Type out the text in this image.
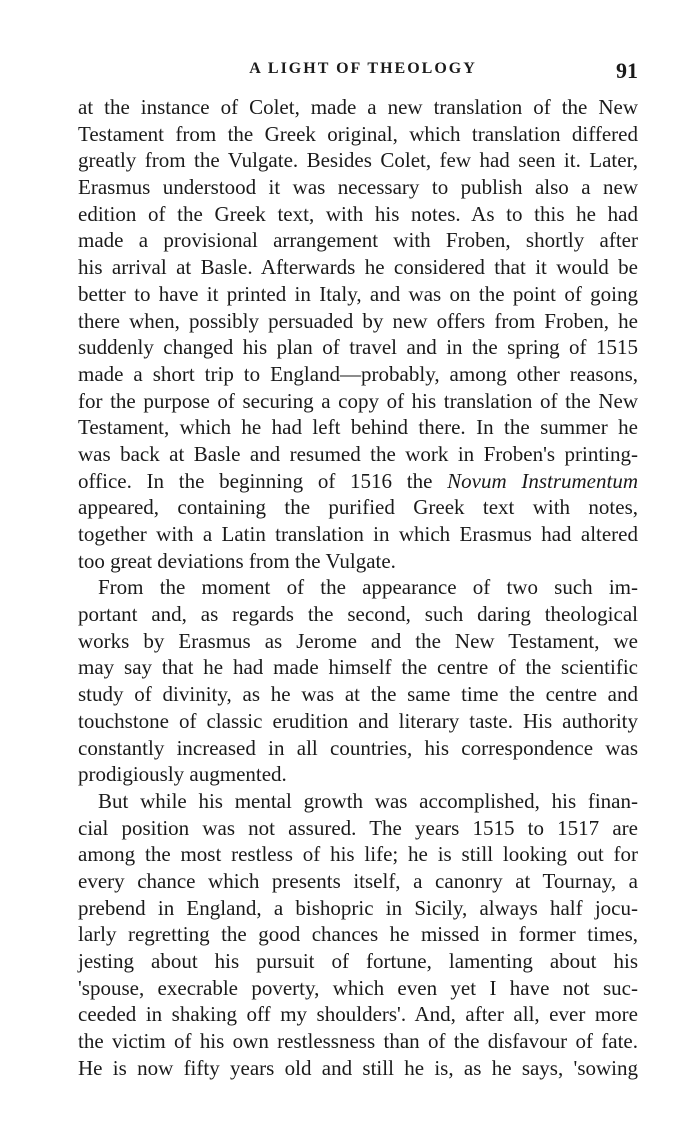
A LIGHT OF THEOLOGY	91
at the instance of Colet, made a new translation of the New
Testament from the Greek original, which translation differed
greatly from the Vulgate. Besides Colet, few had seen it. Later,
Erasmus understood it was necessary to publish also a new
edition of the Greek text, with his notes. As to this he had
made a provisional arrangement with Froben, shortly after
his arrival at Basle. Afterwards he considered that it would be
better to have it printed in Italy, and was on the point of going
there when, possibly persuaded by new offers from Froben, he
suddenly changed his plan of travel and in the spring of 1515
made a short trip to England—probably, among other reasons,
for the purpose of securing a copy of his translation of the New
Testament, which he had left behind there. In the summer he
was back at Basle and resumed the work in Froben's printing-
office. In the beginning of 1516 the Novum Instrumentum
appeared, containing the purified Greek text with notes,
together with a Latin translation in which Erasmus had altered
too great deviations from the Vulgate.
From the moment of the appearance of two such im-
portant and, as regards the second, such daring theological
works by Erasmus as Jerome and the New Testament, we
may say that he had made himself the centre of the scientific
study of divinity, as he was at the same time the centre and
touchstone of classic erudition and literary taste. His authority
constantly increased in all countries, his correspondence was
prodigiously augmented.
But while his mental growth was accomplished, his finan-
cial position was not assured. The years 1515 to 1517 are
among the most restless of his life; he is still looking out for
every chance which presents itself, a canonry at Tournay, a
prebend in England, a bishopric in Sicily, always half jocu-
larly regretting the good chances he missed in former times,
jesting about his pursuit of fortune, lamenting about his
'spouse, execrable poverty, which even yet I have not suc-
ceeded in shaking off my shoulders'. And, after all, ever more
the victim of his own restlessness than of the disfavour of fate.
He is now fifty years old and still he is, as he says, 'sowing
